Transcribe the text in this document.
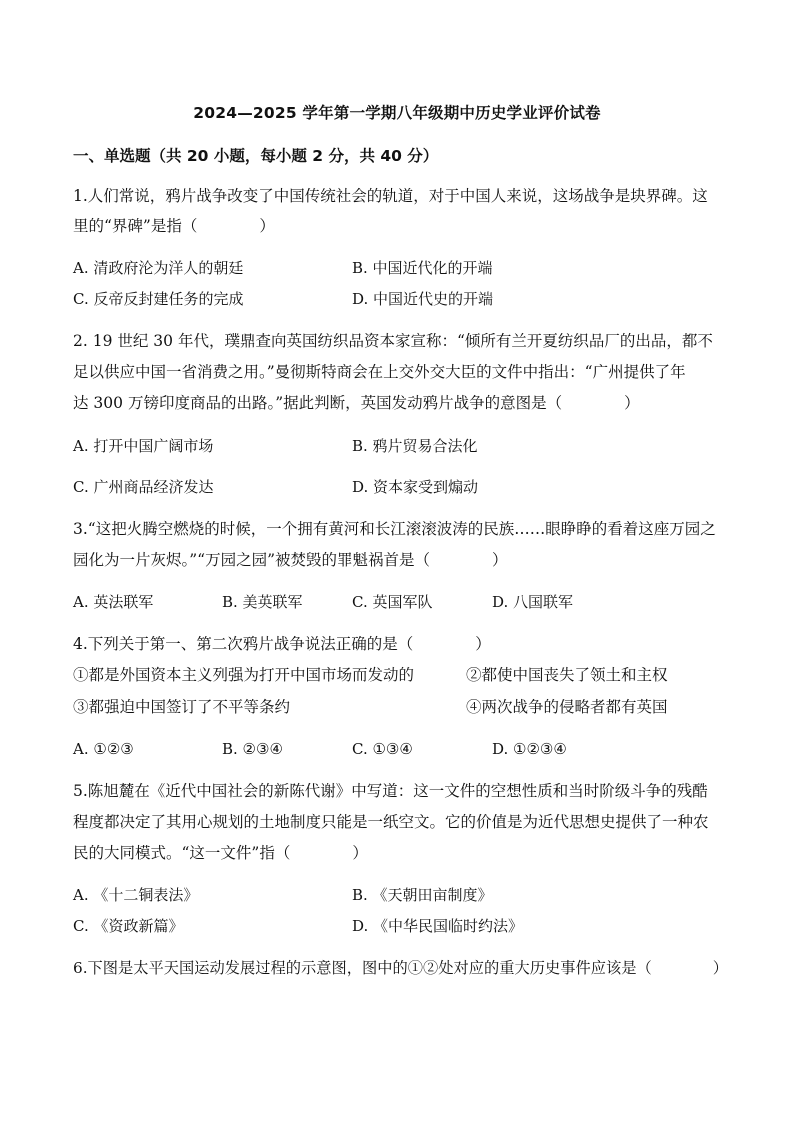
2024—2025 学年第一学期八年级期中历史学业评价试卷
一、单选题（共 20 小题，每小题 2 分，共 40 分）
1.人们常说，鸦片战争改变了中国传统社会的轨道，对于中国人来说，这场战争是块界碑。这
里的“界碑”是指（　　　　）
A. 清政府沦为洋人的朝廷	B. 中国近代化的开端
C. 反帝反封建任务的完成	D. 中国近代史的开端
2. 19 世纪 30 年代，璞鼎查向英国纺织品资本家宣称：“倾所有兰开夏纺织品厂的出品，都不
足以供应中国一省消费之用。”曼彻斯特商会在上交外交大臣的文件中指出：“广州提供了年
达 300 万镑印度商品的出路。”据此判断，英国发动鸦片战争的意图是（　　　　）
A. 打开中国广阔市场	B. 鸦片贸易合法化
C. 广州商品经济发达	D. 资本家受到煽动
3.“这把火腾空燃烧的时候，一个拥有黄河和长江滚滚波涛的民族……眼睁睁的看着这座万园之
园化为一片灰烬。”“万园之园”被焚毁的罪魁祸首是（　　　　）
A. 英法联军	B. 美英联军	C. 英国军队	D. 八国联军
4.下列关于第一、第二次鸦片战争说法正确的是（　　　　）
①都是外国资本主义列强为打开中国市场而发动的	②都使中国丧失了领土和主权
③都强迫中国签订了不平等条约	④两次战争的侵略者都有英国
A. ①②③	B. ②③④	C. ①③④	D. ①②③④
5.陈旭麓在《近代中国社会的新陈代谢》中写道：这一文件的空想性质和当时阶级斗争的残酷
程度都决定了其用心规划的土地制度只能是一纸空文。它的价值是为近代思想史提供了一种农
民的大同模式。“这一文件”指（　　　　）
A. 《十二铜表法》	B. 《天朝田亩制度》
C. 《资政新篇》	D. 《中华民国临时约法》
6.下图是太平天国运动发展过程的示意图，图中的①②处对应的重大历史事件应该是（　　　　）
